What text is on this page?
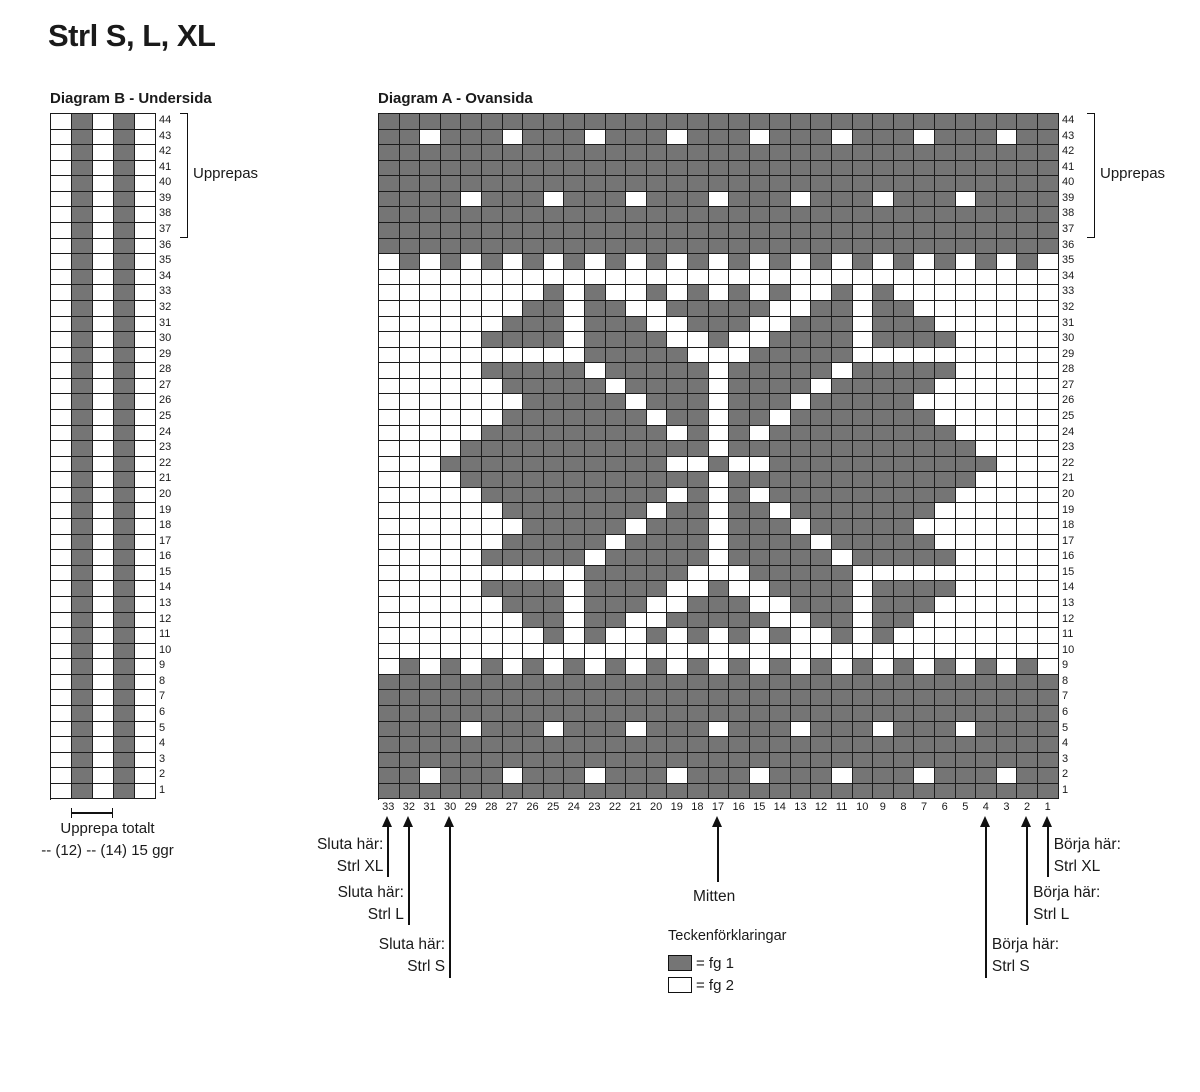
Strl S, L, XL
Diagram B - Undersida	Diagram A - Ovansida
44
43
42
41
40
39
38
37
36
35
34
33
32
31
30
29
28
27
26
25
24
23
22
21
20
19
18
17
16
15
14
13
12
11
10
9
8
7
6
5
4
3
2
1
44
43
42
41
40
39
38
37
36
35
34
33
32
31
30
29
28
27
26
25
24
23
22
21
20
19
18
17
16
15
14
13
12
11
10
9
8
7
6
5
4
3
2
1
33 32 31 30 29 28 27 26 25 24 23 22 21 20 19 18 17 16 15 14 13 12 11 10	9	8	7	6	5	4	3	2	1
Upprepas	Upprepas
Upprepa totalt
-- (12) -- (14) 15 ggr	Sluta här:
Strl XL
Sluta här:
Strl L
Sluta här:
Strl S
Börja här:
Strl XL
Börja här:
Strl L
Börja här:
Strl S
Mitten
Teckenförklaringar
= fg 1
= fg 2
